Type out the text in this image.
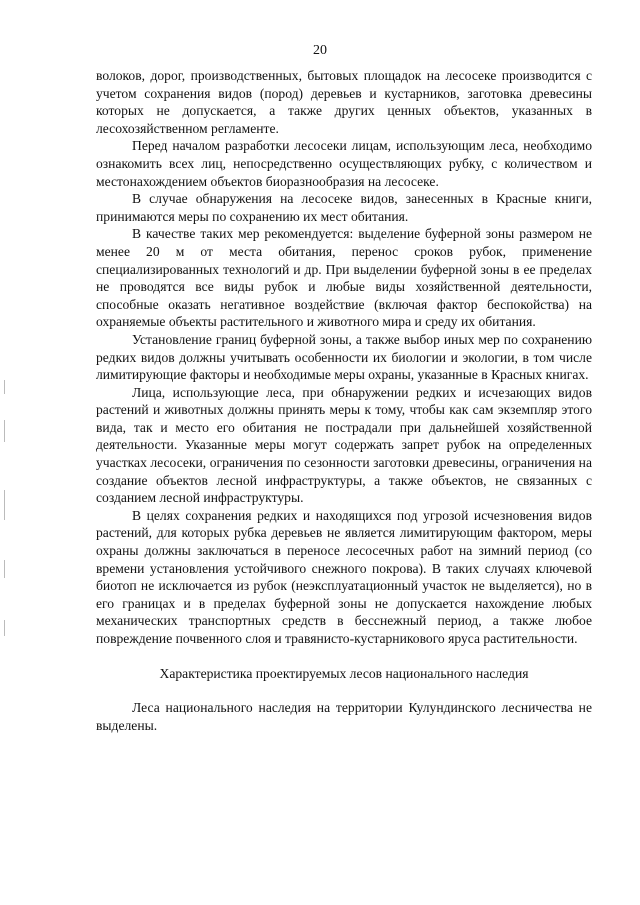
20

волоков, дорог, производственных, бытовых площадок на лесосеке производится с учетом сохранения видов (пород) деревьев и кустарников, заготовка древесины которых не допускается, а также других ценных объектов, указанных в лесохозяйственном регламенте.

Перед началом разработки лесосеки лицам, использующим леса, необходимо ознакомить всех лиц, непосредственно осуществляющих рубку, с количеством и местонахождением объектов биоразнообразия на лесосеке.

В случае обнаружения на лесосеке видов, занесенных в Красные книги, принимаются меры по сохранению их мест обитания.

В качестве таких мер рекомендуется: выделение буферной зоны размером не менее 20 м от места обитания, перенос сроков рубок, применение специализированных технологий и др. При выделении буферной зоны в ее пределах не проводятся все виды рубок и любые виды хозяйственной деятельности, способные оказать негативное воздействие (включая фактор беспокойства) на охраняемые объекты растительного и животного мира и среду их обитания.

Установление границ буферной зоны, а также выбор иных мер по сохранению редких видов должны учитывать особенности их биологии и экологии, в том числе лимитирующие факторы и необходимые меры охраны, указанные в Красных книгах.

Лица, использующие леса, при обнаружении редких и исчезающих видов растений и животных должны принять меры к тому, чтобы как сам экземпляр этого вида, так и место его обитания не пострадали при дальнейшей хозяйственной деятельности. Указанные меры могут содержать запрет рубок на определенных участках лесосеки, ограничения по сезонности заготовки древесины, ограничения на создание объектов лесной инфраструктуры, а также объектов, не связанных с созданием лесной инфраструктуры.

В целях сохранения редких и находящихся под угрозой исчезновения видов растений, для которых рубка деревьев не является лимитирующим фактором, меры охраны должны заключаться в переносе лесосечных работ на зимний период (со времени установления устойчивого снежного покрова). В таких случаях ключевой биотоп не исключается из рубок (неэксплуатационный участок не выделяется), но в его границах и в пределах буферной зоны не допускается нахождение любых механических транспортных средств в бесснежный период, а также любое повреждение почвенного слоя и травянисто-кустарникового яруса растительности.

Характеристика проектируемых лесов национального наследия

Леса национального наследия на территории Кулундинского лесничества не выделены.
